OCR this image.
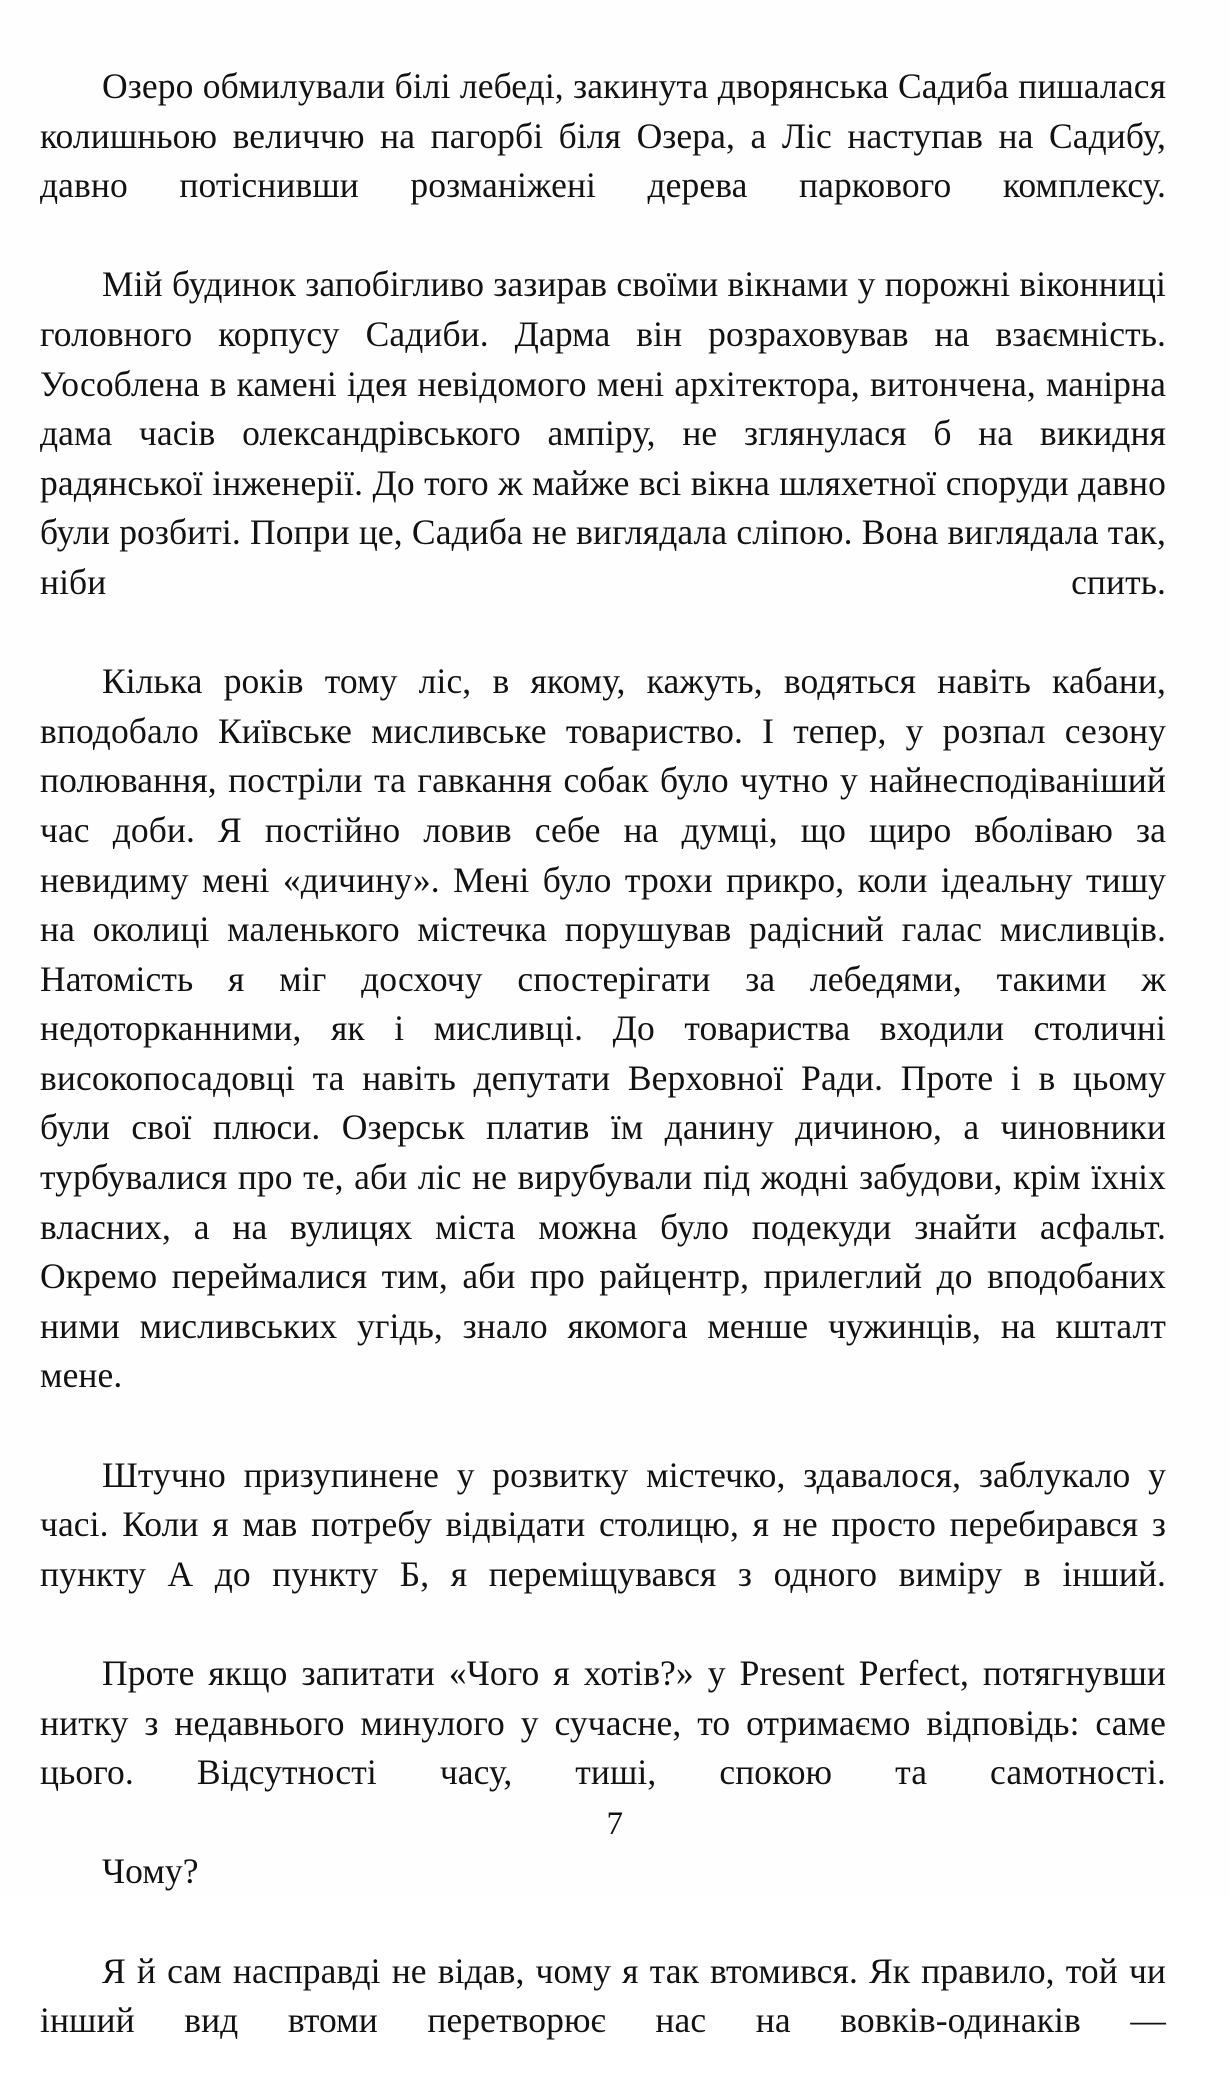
Озеро обмилували білі лебеді, закинута дворянська Садиба пишалася колишньою величчю на пагорбі біля Озера, а Ліс наступав на Садибу, давно потіснивши розманіжені дерева паркового комплексу.

Мій будинок запобігливо зазирав своїми вікнами у порожні віконниці головного корпусу Садиби. Дарма він розраховував на взаємність. Уособлена в камені ідея невідомого мені архітектора, витончена, манірна дама часів олександрівського ампіру, не зглянулася б на викидня радянської інженерії. До того ж майже всі вікна шляхетної споруди давно були розбиті. Попри це, Садиба не виглядала сліпою. Вона виглядала так, ніби спить.

Кілька років тому ліс, в якому, кажуть, водяться навіть кабани, вподобало Київське мисливське товариство. І тепер, у розпал сезону полювання, постріли та гавкання собак було чутно у найнесподіваніший час доби. Я постійно ловив себе на думці, що щиро вболіваю за невидиму мені «дичину». Мені було трохи прикро, коли ідеальну тишу на околиці маленького містечка порушував радісний галас мисливців. Натомість я міг досхочу спостерігати за лебедями, такими ж недоторканними, як і мисливці. До товариства входили столичні високопосадовці та навіть депутати Верховної Ради. Проте і в цьому були свої плюси. Озерськ платив їм данину дичиною, а чиновники турбувалися про те, аби ліс не вирубували під жодні забудови, крім їхніх власних, а на вулицях міста можна було подекуди знайти асфальт. Окремо переймалися тим, аби про райцентр, прилеглий до вподобаних ними мисливських угідь, знало якомога менше чужинців, на кшталт мене.

Штучно призупинене у розвитку містечко, здавалося, заблукало у часі. Коли я мав потребу відвідати столицю, я не просто перебирався з пункту А до пункту Б, я переміщувався з одного виміру в інший.

Проте якщо запитати «Чого я хотів?» у Present Perfect, потягнувши нитку з недавнього минулого у сучасне, то отримаємо відповідь: саме цього. Відсутності часу, тиші, спокою та самотності.

Чому?

Я й сам насправді не відав, чому я так втомився. Як правило, той чи інший вид втоми перетворює нас на вовків-одинаків —

7
